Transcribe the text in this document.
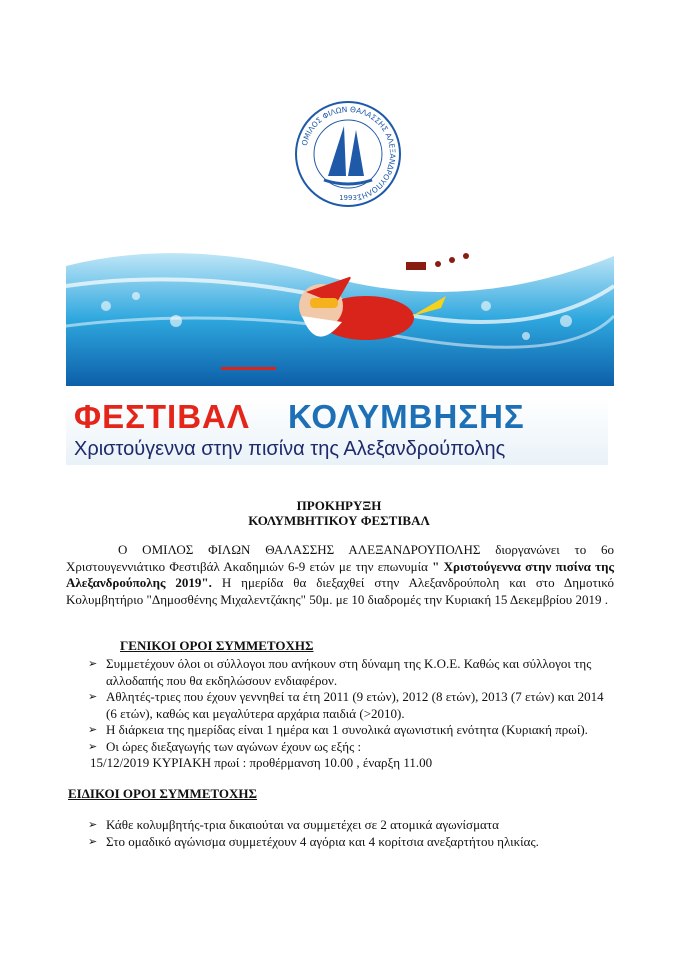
ΟΜΙΛΟΣ ΦΙΛΩΝ ΘΑΛΑΣΣΗΣ ΑΛΕΞΑΝΔΡΟΥΠΟΛΗΣ
1993
ΦΕΣΤΙΒΑΛ ΚΟΛΥΜΒΗΣΗΣ
Χριστούγεννα στην πισίνα της Αλεξανδρούπολης
ΠΡΟΚΗΡΥΞΗ
ΚΟΛΥΜΒΗΤΙΚΟΥ ΦΕΣΤΙΒΑΛ
Ο ΟΜΙΛΟΣ ΦΙΛΩΝ ΘΑΛΑΣΣΗΣ ΑΛΕΞΑΝΔΡΟΥΠΟΛΗΣ διοργανώνει το 6ο Χριστουγεννιάτικο Φεστιβάλ Ακαδημιών 6-9 ετών με την επωνυμία " Χριστούγεννα στην πισίνα της Αλεξανδρούπολης 2019". Η ημερίδα θα διεξαχθεί στην Αλεξανδρούπολη και στο Δημοτικό Κολυμβητήριο "Δημοσθένης Μιχαλεντζάκης" 50μ. με 10 διαδρομές την Κυριακή 15 Δεκεμβρίου 2019 .
ΓΕΝΙΚΟΙ ΟΡΟΙ ΣΥΜΜΕΤΟΧΗΣ
➢ Συμμετέχουν όλοι οι σύλλογοι που ανήκουν στη δύναμη της Κ.Ο.Ε. Καθώς και σύλλογοι της αλλοδαπής που θα εκδηλώσουν ενδιαφέρον.
➢ Αθλητές-τριες που έχουν γεννηθεί τα έτη 2011 (9 ετών), 2012 (8 ετών), 2013 (7 ετών) και 2014 (6 ετών), καθώς και μεγαλύτερα αρχάρια παιδιά (>2010).
➢ Η διάρκεια της ημερίδας είναι 1 ημέρα και 1 συνολικά αγωνιστική ενότητα (Κυριακή πρωί).
➢ Οι ώρες διεξαγωγής των αγώνων έχουν ως εξής :
15/12/2019 ΚΥΡΙΑΚΗ πρωί : προθέρμανση 10.00 , έναρξη 11.00
ΕΙΔΙΚΟΙ ΟΡΟΙ ΣΥΜΜΕΤΟΧΗΣ
➢ Κάθε κολυμβητής-τρια δικαιούται να συμμετέχει σε 2 ατομικά αγωνίσματα
➢ Στο ομαδικό αγώνισμα συμμετέχουν 4 αγόρια και 4 κορίτσια ανεξαρτήτου ηλικίας.
